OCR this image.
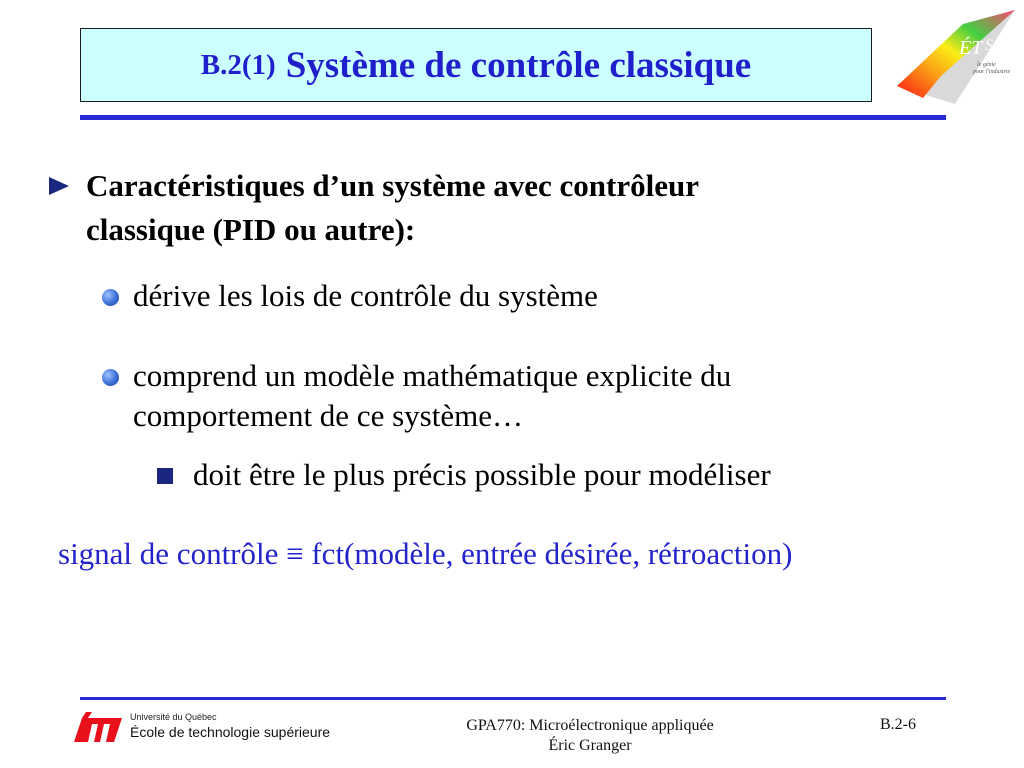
B.2(1) Système de contrôle classique	ÉT S
le génie
pour l'industrie
Caractéristiques d’un système avec contrôleur
classique (PID ou autre):
dérive les lois de contrôle du système
comprend un modèle mathématique explicite du
comportement de ce système…
doit être le plus précis possible pour modéliser
signal de contrôle ≡ fct(modèle, entrée désirée, rétroaction)
Université du Québec
École de technologie supérieure	GPA770: Microélectronique appliquée
Éric Granger
B.2-6
